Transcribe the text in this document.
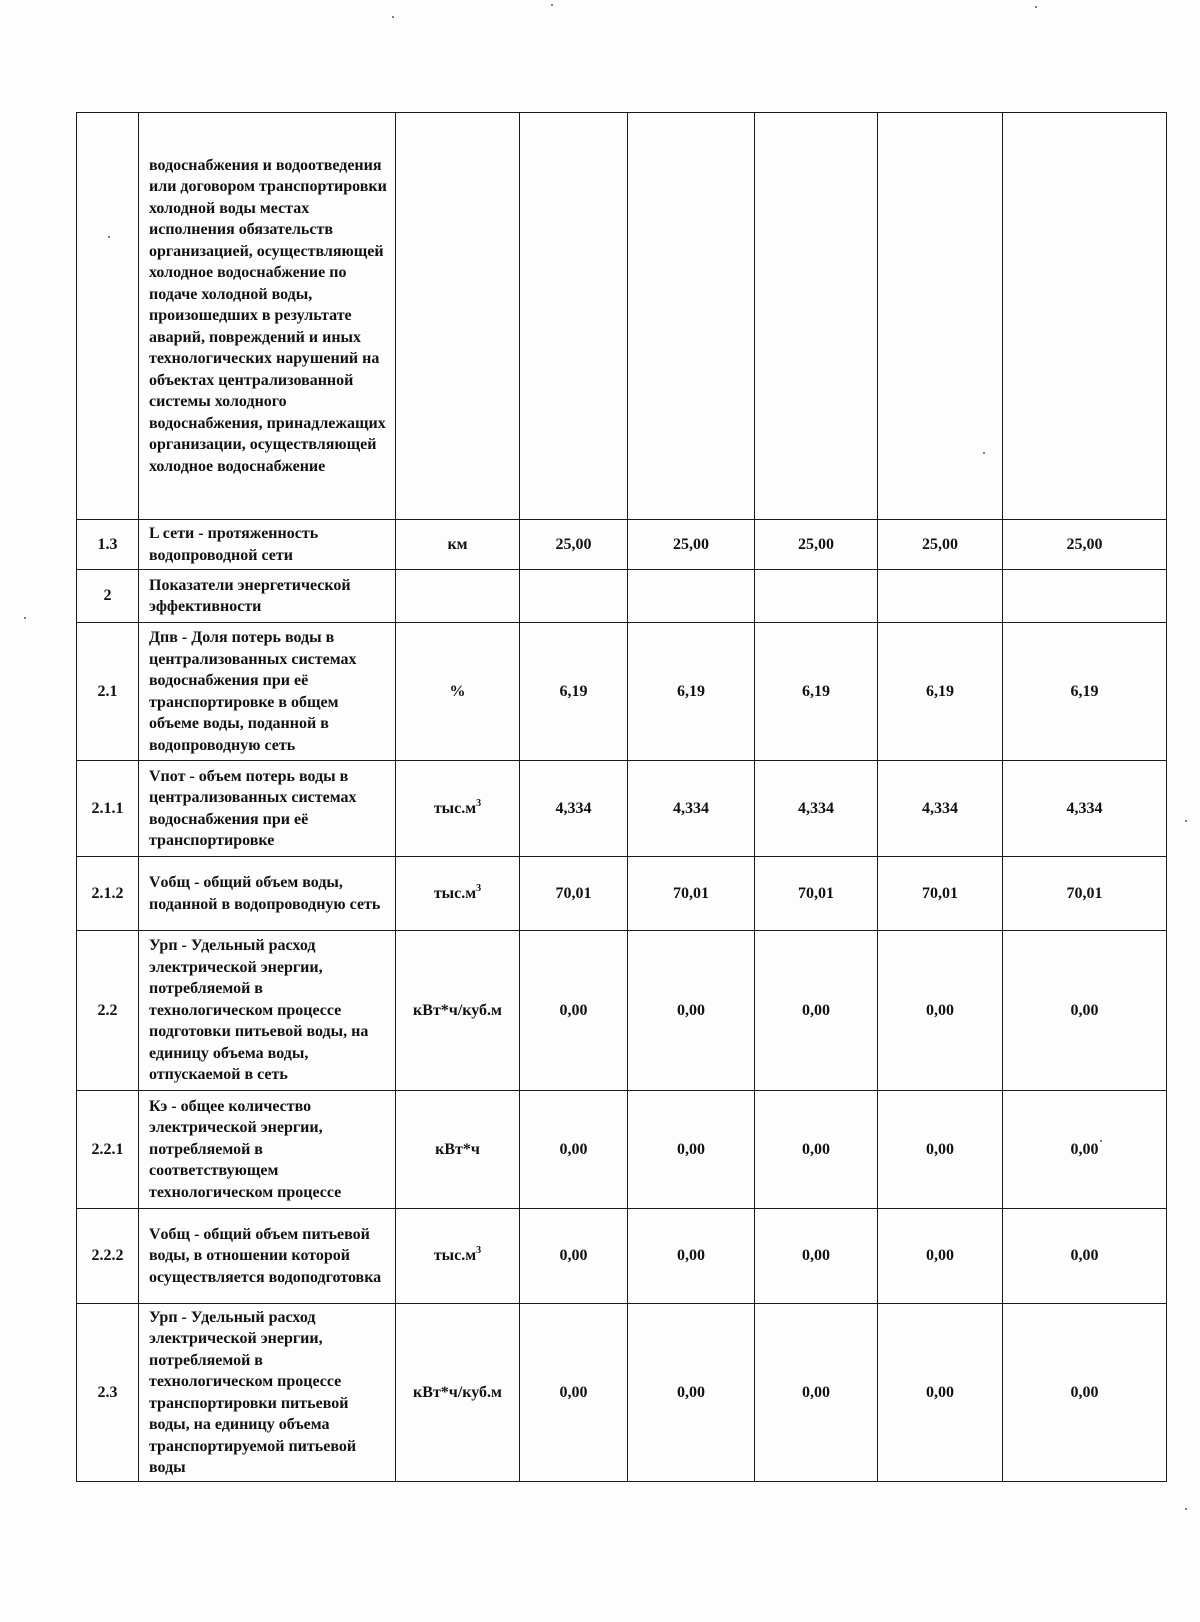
	водоснабжения и водоотведения или договором транспортировки холодной воды местах исполнения обязательств организацией, осуществляющей холодное водоснабжение по подаче холодной воды, произошедших в результате аварий, повреждений и иных технологических нарушений на объектах централизованной системы холодного водоснабжения, принадлежащих организации, осуществляющей холодное водоснабжение						
1.3	L сети - протяженность водопроводной сети	км	25,00	25,00	25,00	25,00	25,00
2	Показатели энергетической эффективности						
2.1	Дпв - Доля потерь воды в централизованных системах водоснабжения при её транспортировке в общем объеме воды, поданной в водопроводную сеть	%	6,19	6,19	6,19	6,19	6,19
2.1.1	Vпот - объем потерь воды в централизованных системах водоснабжения при её транспортировке	$тыс.м^3$	4,334	4,334	4,334	4,334	4,334
2.1.2	Vобщ - общий объем воды, поданной в водопроводную сеть	$тыс.м^3$	70,01	70,01	70,01	70,01	70,01
2.2	Урп - Удельный расход электрической энергии, потребляемой в технологическом процессе подготовки питьевой воды, на единицу объема воды, отпускаемой в сеть	кВт*ч/куб.м	0,00	0,00	0,00	0,00	0,00
2.2.1	Кэ - общее количество электрической энергии, потребляемой в соответствующем технологическом процессе	кВт*ч	0,00	0,00	0,00	0,00	0,00
2.2.2	Vобщ - общий объем питьевой воды, в отношении которой осуществляется водоподготовка	$тыс.м^3$	0,00	0,00	0,00	0,00	0,00
2.3	Урп - Удельный расход электрической энергии, потребляемой в технологическом процессе транспортировки питьевой воды, на единицу объема транспортируемой питьевой воды	кВт*ч/куб.м	0,00	0,00	0,00	0,00	0,00
